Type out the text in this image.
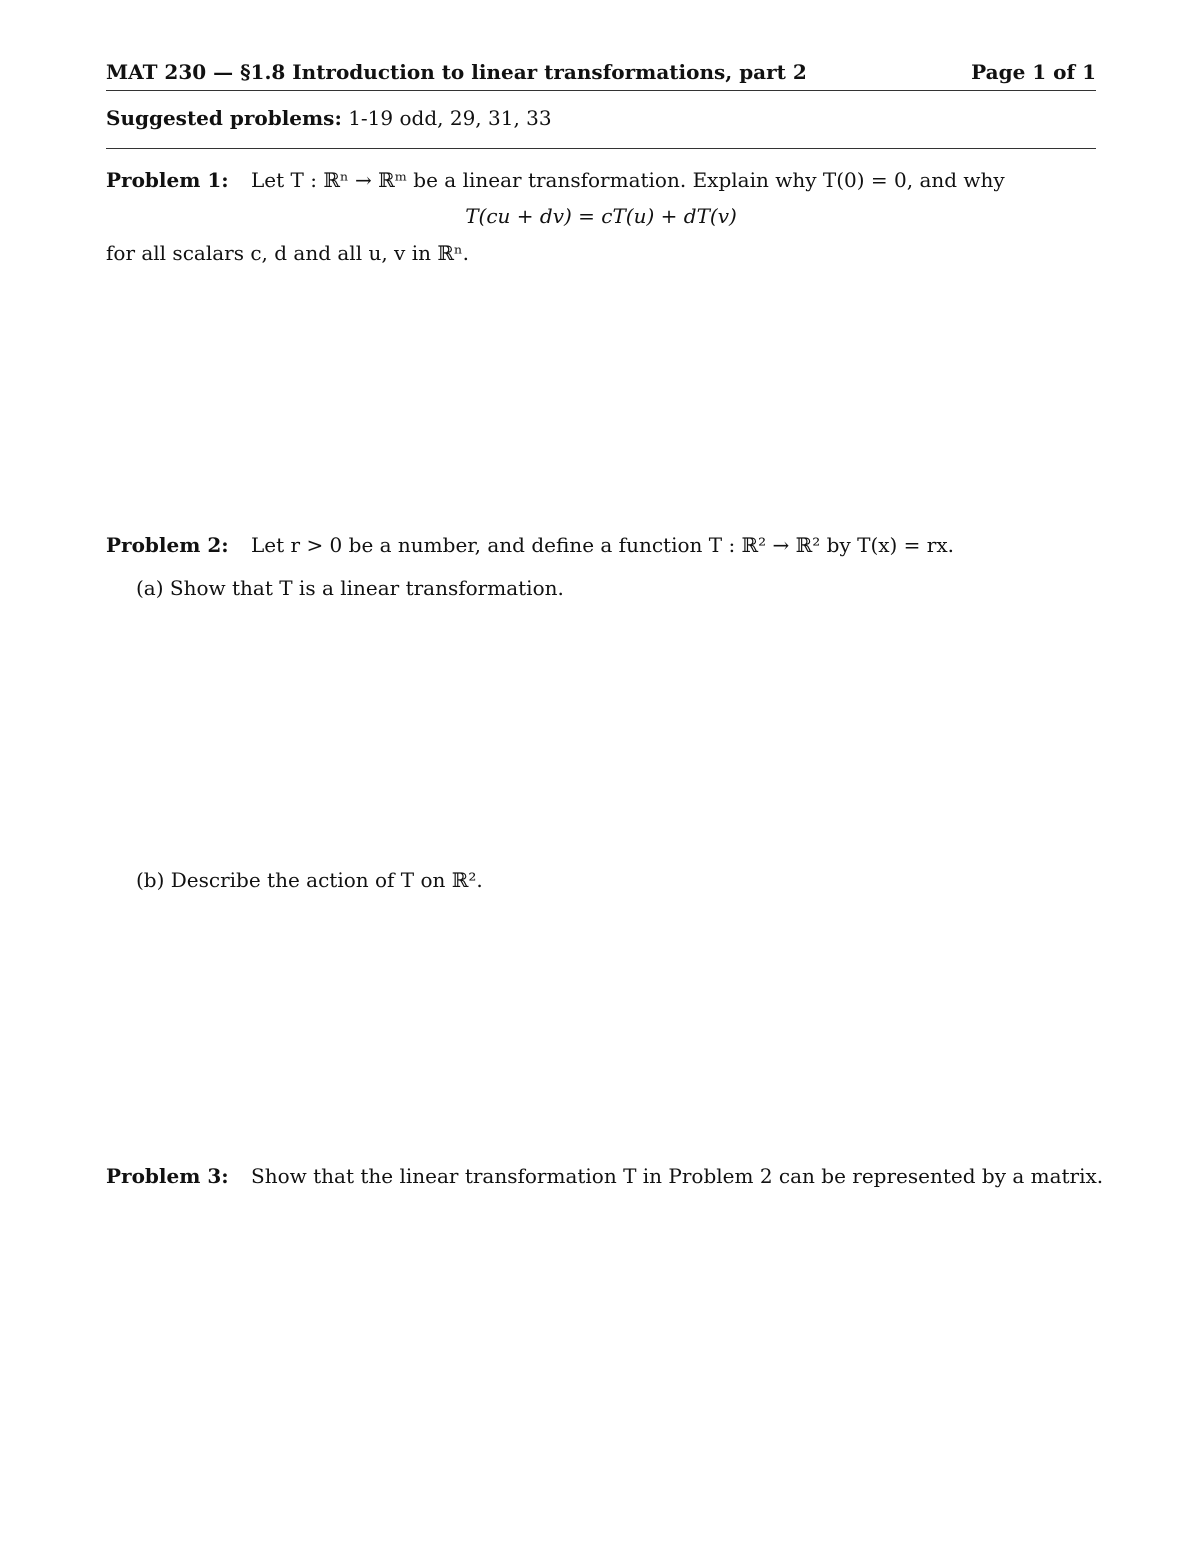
MAT 230 — §1.8 Introduction to linear transformations, part 2	Page 1 of 1
Suggested problems: 1-19 odd, 29, 31, 33
Problem 1: Let T : ℝⁿ → ℝᵐ be a linear transformation. Explain why T(0) = 0, and why
T(cu + dv) = cT(u) + dT(v)
for all scalars c, d and all u, v in ℝⁿ.
Problem 2: Let r > 0 be a number, and define a function T : ℝ² → ℝ² by T(x) = rx.
(a) Show that T is a linear transformation.
(b) Describe the action of T on ℝ².
Problem 3: Show that the linear transformation T in Problem 2 can be represented by a matrix.
